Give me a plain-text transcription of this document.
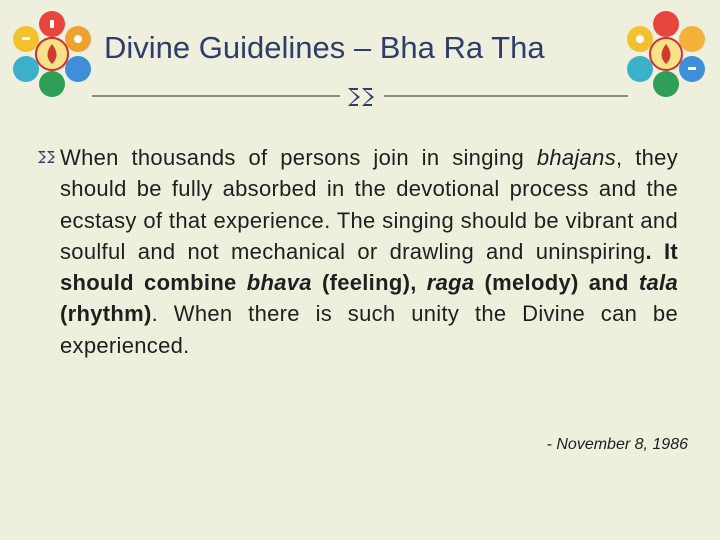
Divine Guidelines – Bha Ra Tha
When thousands of persons join in singing bhajans, they should be fully absorbed in the devotional process and the ecstasy of that experience. The singing should be vibrant and soulful and not mechanical or drawling and uninspiring. It should combine bhava (feeling), raga (melody) and tala (rhythm). When there is such unity the Divine can be experienced.
- November 8, 1986
